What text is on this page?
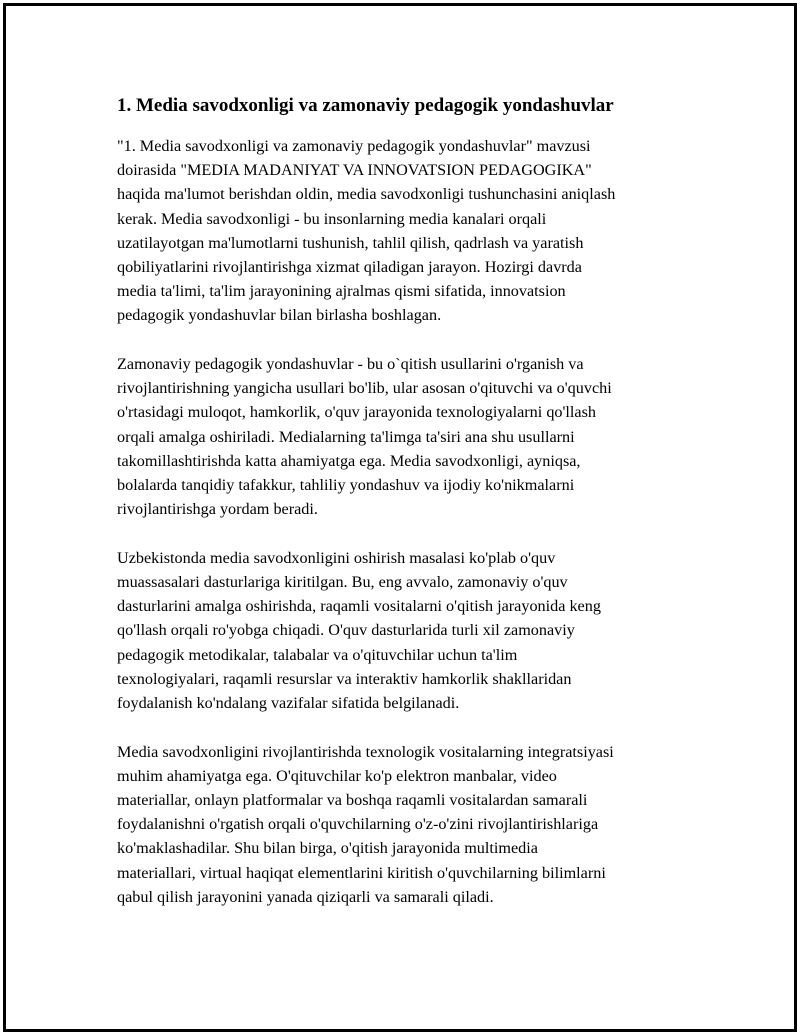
1. Media savodxonligi va zamonaviy pedagogik yondashuvlar
"1. Media savodxonligi va zamonaviy pedagogik yondashuvlar" mavzusi
doirasida "MEDIA MADANIYAT VA INNOVATSION PEDAGOGIKA"
haqida ma'lumot berishdan oldin, media savodxonligi tushunchasini aniqlash
kerak. Media savodxonligi - bu insonlarning media kanalari orqali
uzatilayotgan ma'lumotlarni tushunish, tahlil qilish, qadrlash va yaratish
qobiliyatlarini rivojlantirishga xizmat qiladigan jarayon. Hozirgi davrda
media ta'limi, ta'lim jarayonining ajralmas qismi sifatida, innovatsion
pedagogik yondashuvlar bilan birlasha boshlagan.
Zamonaviy pedagogik yondashuvlar - bu o`qitish usullarini o'rganish va
rivojlantirishning yangicha usullari bo'lib, ular asosan o'qituvchi va o'quvchi
o'rtasidagi muloqot, hamkorlik, o'quv jarayonida texnologiyalarni qo'llash
orqali amalga oshiriladi. Medialarning ta'limga ta'siri ana shu usullarni
takomillashtirishda katta ahamiyatga ega. Media savodxonligi, ayniqsa,
bolalarda tanqidiy tafakkur, tahliliy yondashuv va ijodiy ko'nikmalarni
rivojlantirishga yordam beradi.
Uzbekistonda media savodxonligini oshirish masalasi ko'plab o'quv
muassasalari dasturlariga kiritilgan. Bu, eng avvalo, zamonaviy o'quv
dasturlarini amalga oshirishda, raqamli vositalarni o'qitish jarayonida keng
qo'llash orqali ro'yobga chiqadi. O'quv dasturlarida turli xil zamonaviy
pedagogik metodikalar, talabalar va o'qituvchilar uchun ta'lim
texnologiyalari, raqamli resurslar va interaktiv hamkorlik shakllaridan
foydalanish ko'ndalang vazifalar sifatida belgilanadi.
Media savodxonligini rivojlantirishda texnologik vositalarning integratsiyasi
muhim ahamiyatga ega. O'qituvchilar ko'p elektron manbalar, video
materiallar, onlayn platformalar va boshqa raqamli vositalardan samarali
foydalanishni o'rgatish orqali o'quvchilarning o'z-o'zini rivojlantirishlariga
ko'maklashadilar. Shu bilan birga, o'qitish jarayonida multimedia
materiallari, virtual haqiqat elementlarini kiritish o'quvchilarning bilimlarni
qabul qilish jarayonini yanada qiziqarli va samarali qiladi.
